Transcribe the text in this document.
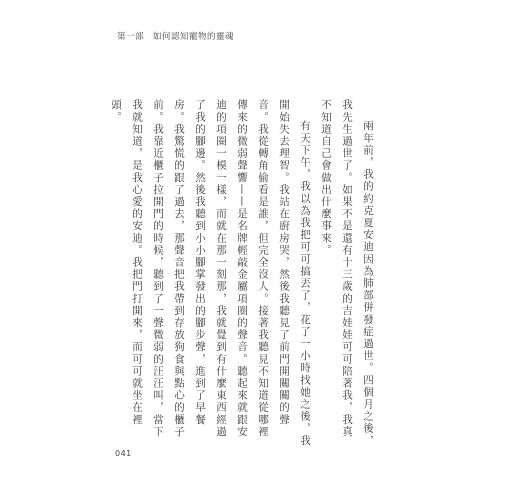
第一部　如何認知寵物的靈魂

兩年前，我的約克夏安迪因為肺部併發症過世。四個月之後，我先生過世了。如果不是還有十三歲的吉娃娃可可陪著我，我真不知道自己會做出什麼事來。

有天下午，我以為我把可可搞丟了，花了一小時找她之後，我開始失去理智。我站在廚房哭，然後我聽見了前門開關關的聲音。我從轉角偷看是誰，但完全沒人。接著我聽見不知道從哪裡傳來的微弱聲響——是名牌輕敲金屬項圈的聲音。聽起來就跟安迪的項圈一模一樣，而就在那一刻那，我就覺到有什麼東西經過了我的腳邊。然後我聽到小小腳掌發出的腳步聲，進到了早餐房。我驚慌的跟了過去，那聲音把我帶到存放狗食與點心的櫃子前。我靠近櫃子拉開門的時候，聽到了一聲微弱的汪汪叫，當下我就知道，是我心愛的安迪。我把門打開來，而可可就坐在裡頭。

041
